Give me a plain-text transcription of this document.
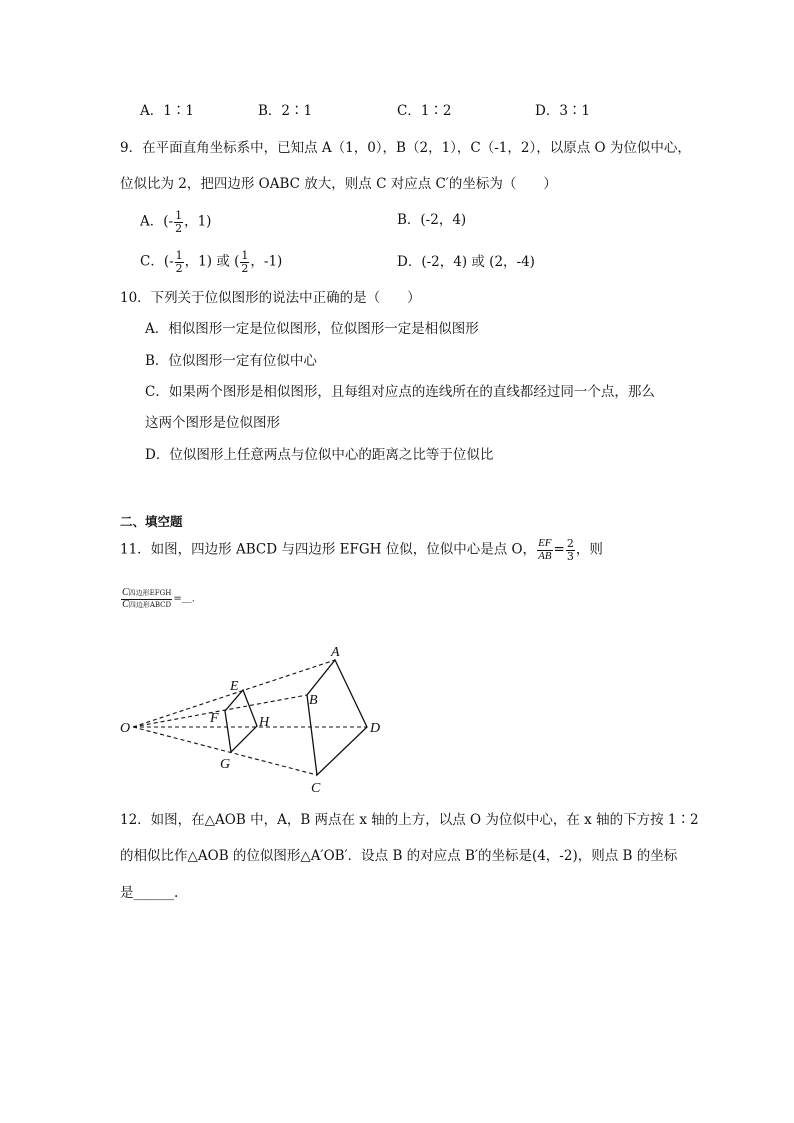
A．1∶1	B．2∶1	C．1∶2	D．3∶1
9．在平面直角坐标系中，已知点 A（1，0），B（2，1），C（-1，2），以原点 O 为位似中心，
位似比为 2，把四边形 OABC 放大，则点 C 对应点 C′的坐标为（　　）
A．(- $\frac{1}{2}$ ，1)	B．(-2，4)
C．(- $\frac{1}{2}$ ，1) 或 ( $\frac{1}{2}$ ，-1)	D．(-2，4) 或 (2，-4)
10．下列关于位似图形的说法中正确的是（　　）
A．相似图形一定是位似图形，位似图形一定是相似图形
B．位似图形一定有位似中心
C．如果两个图形是相似图形，且每组对应点的连线所在的直线都经过同一个点，那么
这两个图形是位似图形
D．位似图形上任意两点与位似中心的距离之比等于位似比
二、填空题
11．如图，四边形 ABCD 与四边形 EFGH 位似，位似中心是点 O， $\frac{EF}{AB} = \frac{2}{3}$ ，则
$\frac{\text{C四边形EFGH}}{\text{C四边形ABCD}}$ =＿.
O
A
B
C
D
E
F
G
H
12．如图，在△AOB 中，A，B 两点在 x 轴的上方，以点 O 为位似中心，在 x 轴的下方按 1∶2
的相似比作△AOB 的位似图形△A′OB′．设点 B 的对应点 B′的坐标是(4，-2)，则点 B 的坐标
是______.
